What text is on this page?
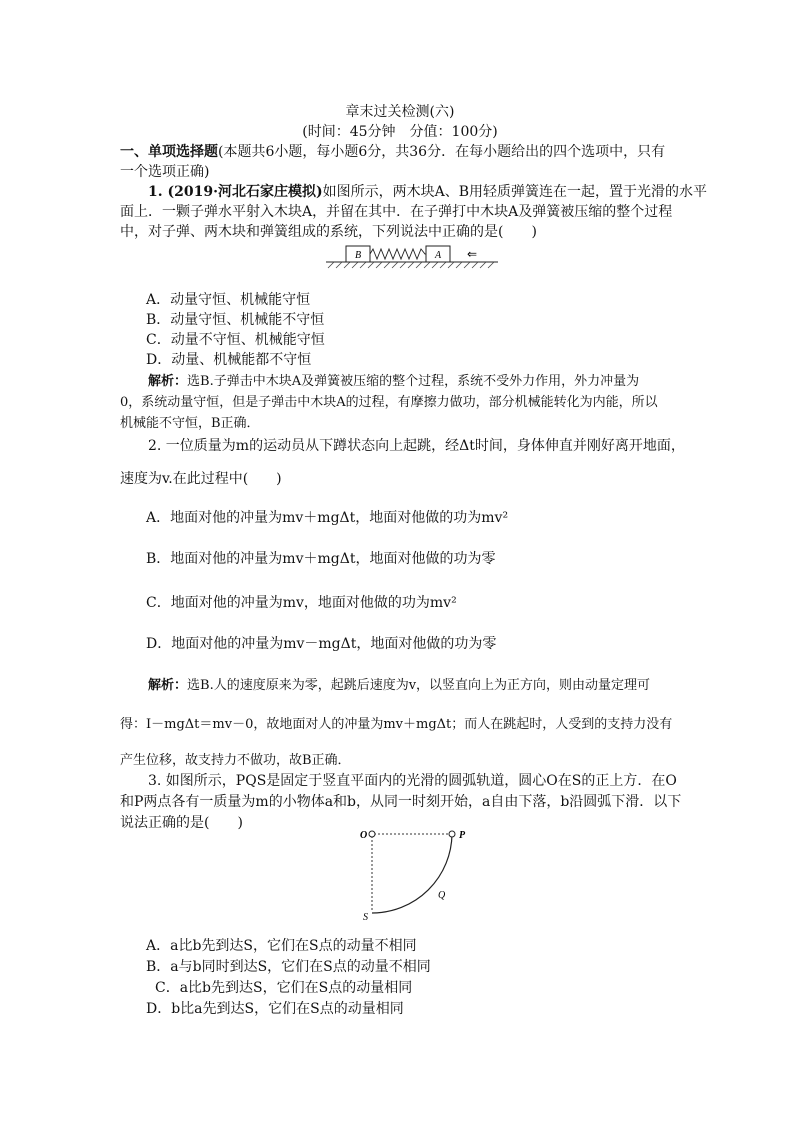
章末过关检测(六)
(时间：45分钟　分值：100分)
一、单项选择题(本题共6小题，每小题6分，共36分．在每小题给出的四个选项中，只有
一个选项正确)
1. (2019·河北石家庄模拟)如图所示，两木块A、B用轻质弹簧连在一起，置于光滑的水平
面上．一颗子弹水平射入木块A，并留在其中．在子弹打中木块A及弹簧被压缩的整个过程
中，对子弹、两木块和弹簧组成的系统，下列说法中正确的是(　　)
B	A ⇐
A．动量守恒、机械能守恒
B．动量守恒、机械能不守恒
C．动量不守恒、机械能守恒
D．动量、机械能都不守恒
解析：选B.子弹击中木块A及弹簧被压缩的整个过程，系统不受外力作用，外力冲量为
0，系统动量守恒，但是子弹击中木块A的过程，有摩擦力做功，部分机械能转化为内能，所以
机械能不守恒，B正确．
2. 一位质量为m的运动员从下蹲状态向上起跳，经Δt时间，身体伸直并刚好离开地面，
速度为v.在此过程中(　　)
A．地面对他的冲量为mv＋mgΔt，地面对他做的功为mv²
B．地面对他的冲量为mv＋mgΔt，地面对他做的功为零
C．地面对他的冲量为mv，地面对他做的功为mv²
D．地面对他的冲量为mv－mgΔt，地面对他做的功为零
解析：选B.人的速度原来为零，起跳后速度为v，以竖直向上为正方向，则由动量定理可
得：I－mgΔt＝mv－0，故地面对人的冲量为mv＋mgΔt；而人在跳起时，人受到的支持力没有
产生位移，故支持力不做功，故B正确．
3. 如图所示，PQS是固定于竖直平面内的光滑的圆弧轨道，圆心O在S的正上方．在O
和P两点各有一质量为m的小物体a和b，从同一时刻开始，a自由下落，b沿圆弧下滑．以下
说法正确的是(　　)
O	P
Q
S
A．a比b先到达S，它们在S点的动量不相同
B．a与b同时到达S，它们在S点的动量不相同
C．a比b先到达S，它们在S点的动量相同
D．b比a先到达S，它们在S点的动量相同
